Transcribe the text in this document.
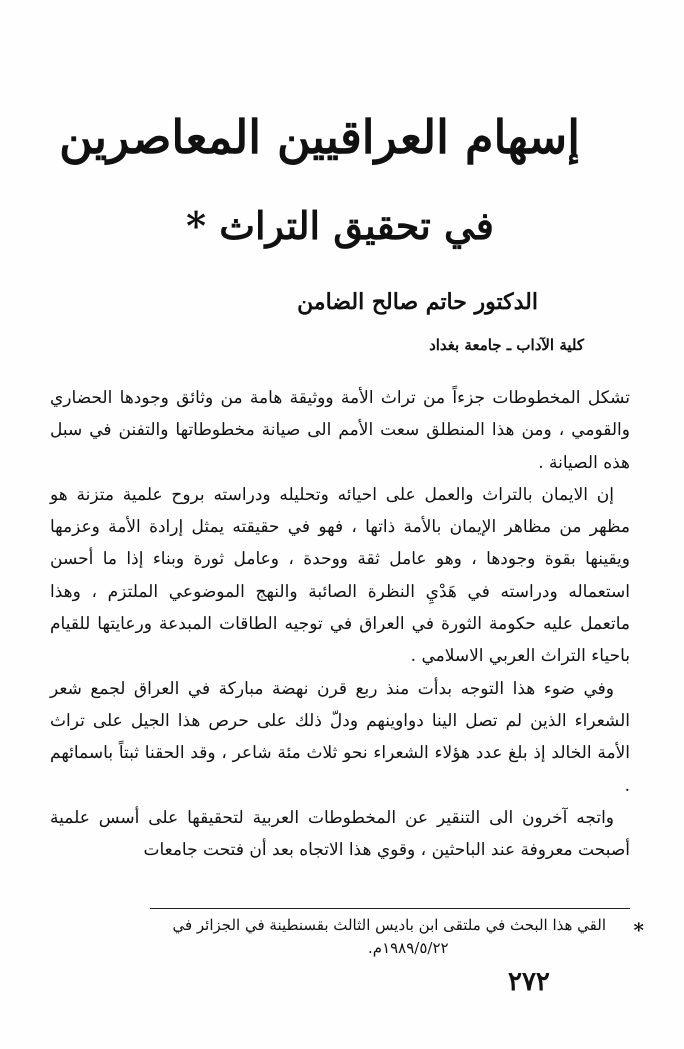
إسهام العراقيين المعاصرين
في تحقيق التراث *
الدكتور حاتم صالح الضامن
كلية الآداب ـ جامعة بغداد

تشكل المخطوطات جزءاً من تراث الأمة ووثيقة هامة من وثائق وجودها الحضاري والقومي ، ومن هذا المنطلق سعت الأمم الى صيانة مخطوطاتها والتفنن في سبل هذه الصيانة .

إن الايمان بالتراث والعمل على احيائه وتحليله ودراسته بروح علمية متزنة هو مظهر من مظاهر الإيمان بالأمة ذاتها ، فهو في حقيقته يمثل إرادة الأمة وعزمها ويقينها بقوة وجودها ، وهو عامل ثقة ووحدة ، وعامل ثورة وبناء إذا ما أحسن استعماله ودراسته في هَدْيِ النظرة الصائبة والنهج الموضوعي الملتزم ، وهذا ماتعمل عليه حكومة الثورة في العراق في توجيه الطاقات المبدعة ورعايتها للقيام باحياء التراث العربي الاسلامي .

وفي ضوء هذا التوجه بدأت منذ ربع قرن نهضة مباركة في العراق لجمع شعر الشعراء الذين لم تصل الينا دواوينهم ودلّ ذلك على حرص هذا الجيل على تراث الأمة الخالد إذ بلغ عدد هؤلاء الشعراء نحو ثلاث مئة شاعر ، وقد الحقنا ثبتاً باسمائهم .

واتجه آخرون الى التنقير عن المخطوطات العربية لتحقيقها على أسس علمية أصبحت معروفة عند الباحثين ، وقوي هذا الاتجاه بعد أن فتحت جامعات

*
القي هذا البحث في ملتقى ابن باديس الثالث بقسنطينة في الجزائر في
١٩٨٩/٥/٢٢م.
٢٧٢
